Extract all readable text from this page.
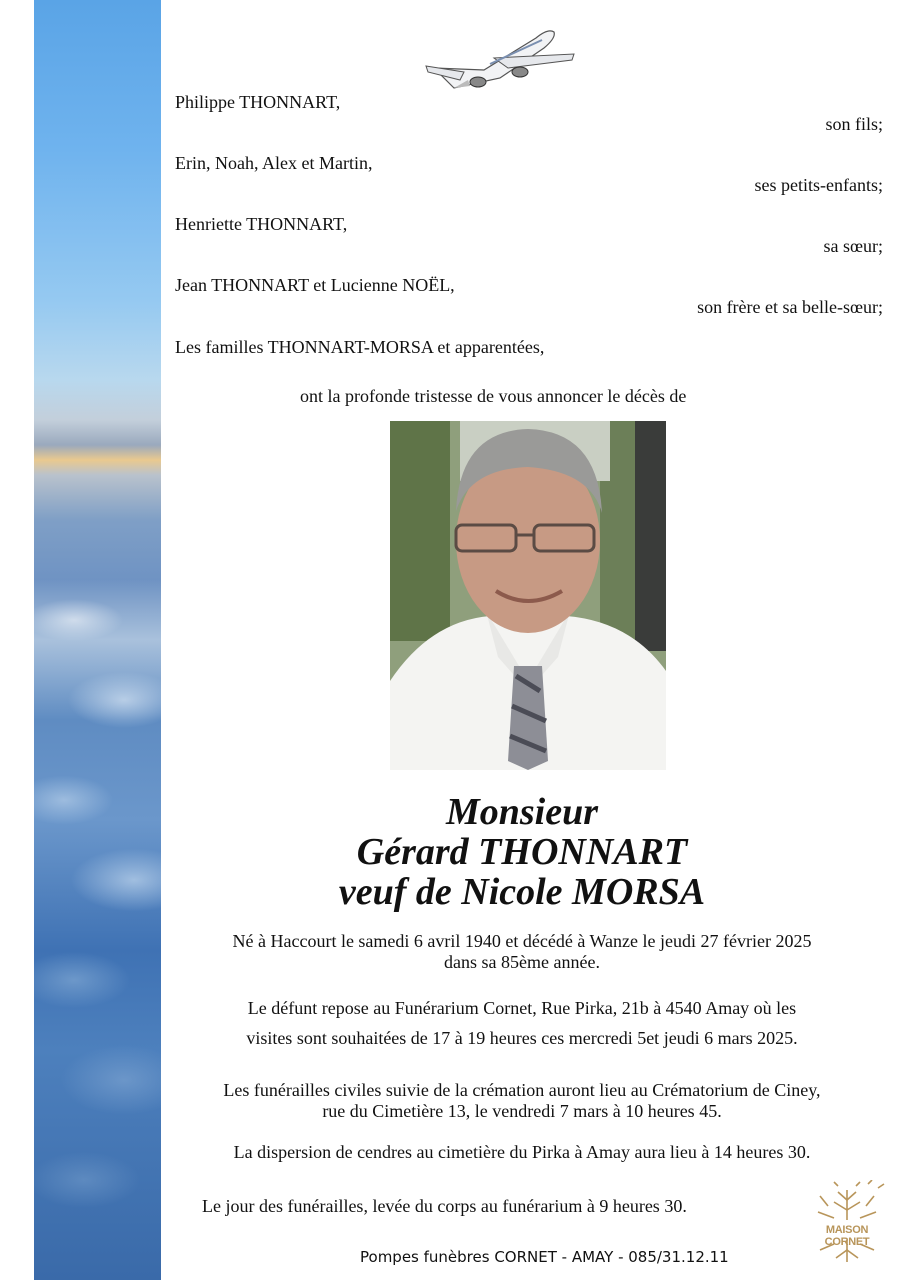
Philippe THONNART,
son fils;
Erin, Noah, Alex et Martin,
ses petits-enfants;
Henriette THONNART,
sa sœur;
Jean THONNART et Lucienne NOËL,
son frère et sa belle-sœur;
Les familles THONNART-MORSA et apparentées,
ont la profonde tristesse de vous annoncer le décès de
Monsieur
Gérard THONNART
veuf de Nicole MORSA
Né à Haccourt le samedi 6 avril 1940 et décédé à Wanze le jeudi 27 février 2025
dans sa 85ème année.
Le défunt repose au Funérarium Cornet, Rue Pirka, 21b à 4540 Amay où les
visites sont souhaitées de 17 à 19 heures ces mercredi 5et jeudi 6 mars 2025.
Les funérailles civiles suivie de la crémation auront lieu au Crématorium de Ciney,
rue du Cimetière 13, le vendredi 7 mars à 10 heures 45.
La dispersion de cendres au cimetière du Pirka à Amay aura lieu à 14 heures 30.
Le jour des funérailles, levée du corps au funérarium à 9 heures 30.
MAISON CORNET
Pompes funèbres CORNET - AMAY - 085/31.12.11
